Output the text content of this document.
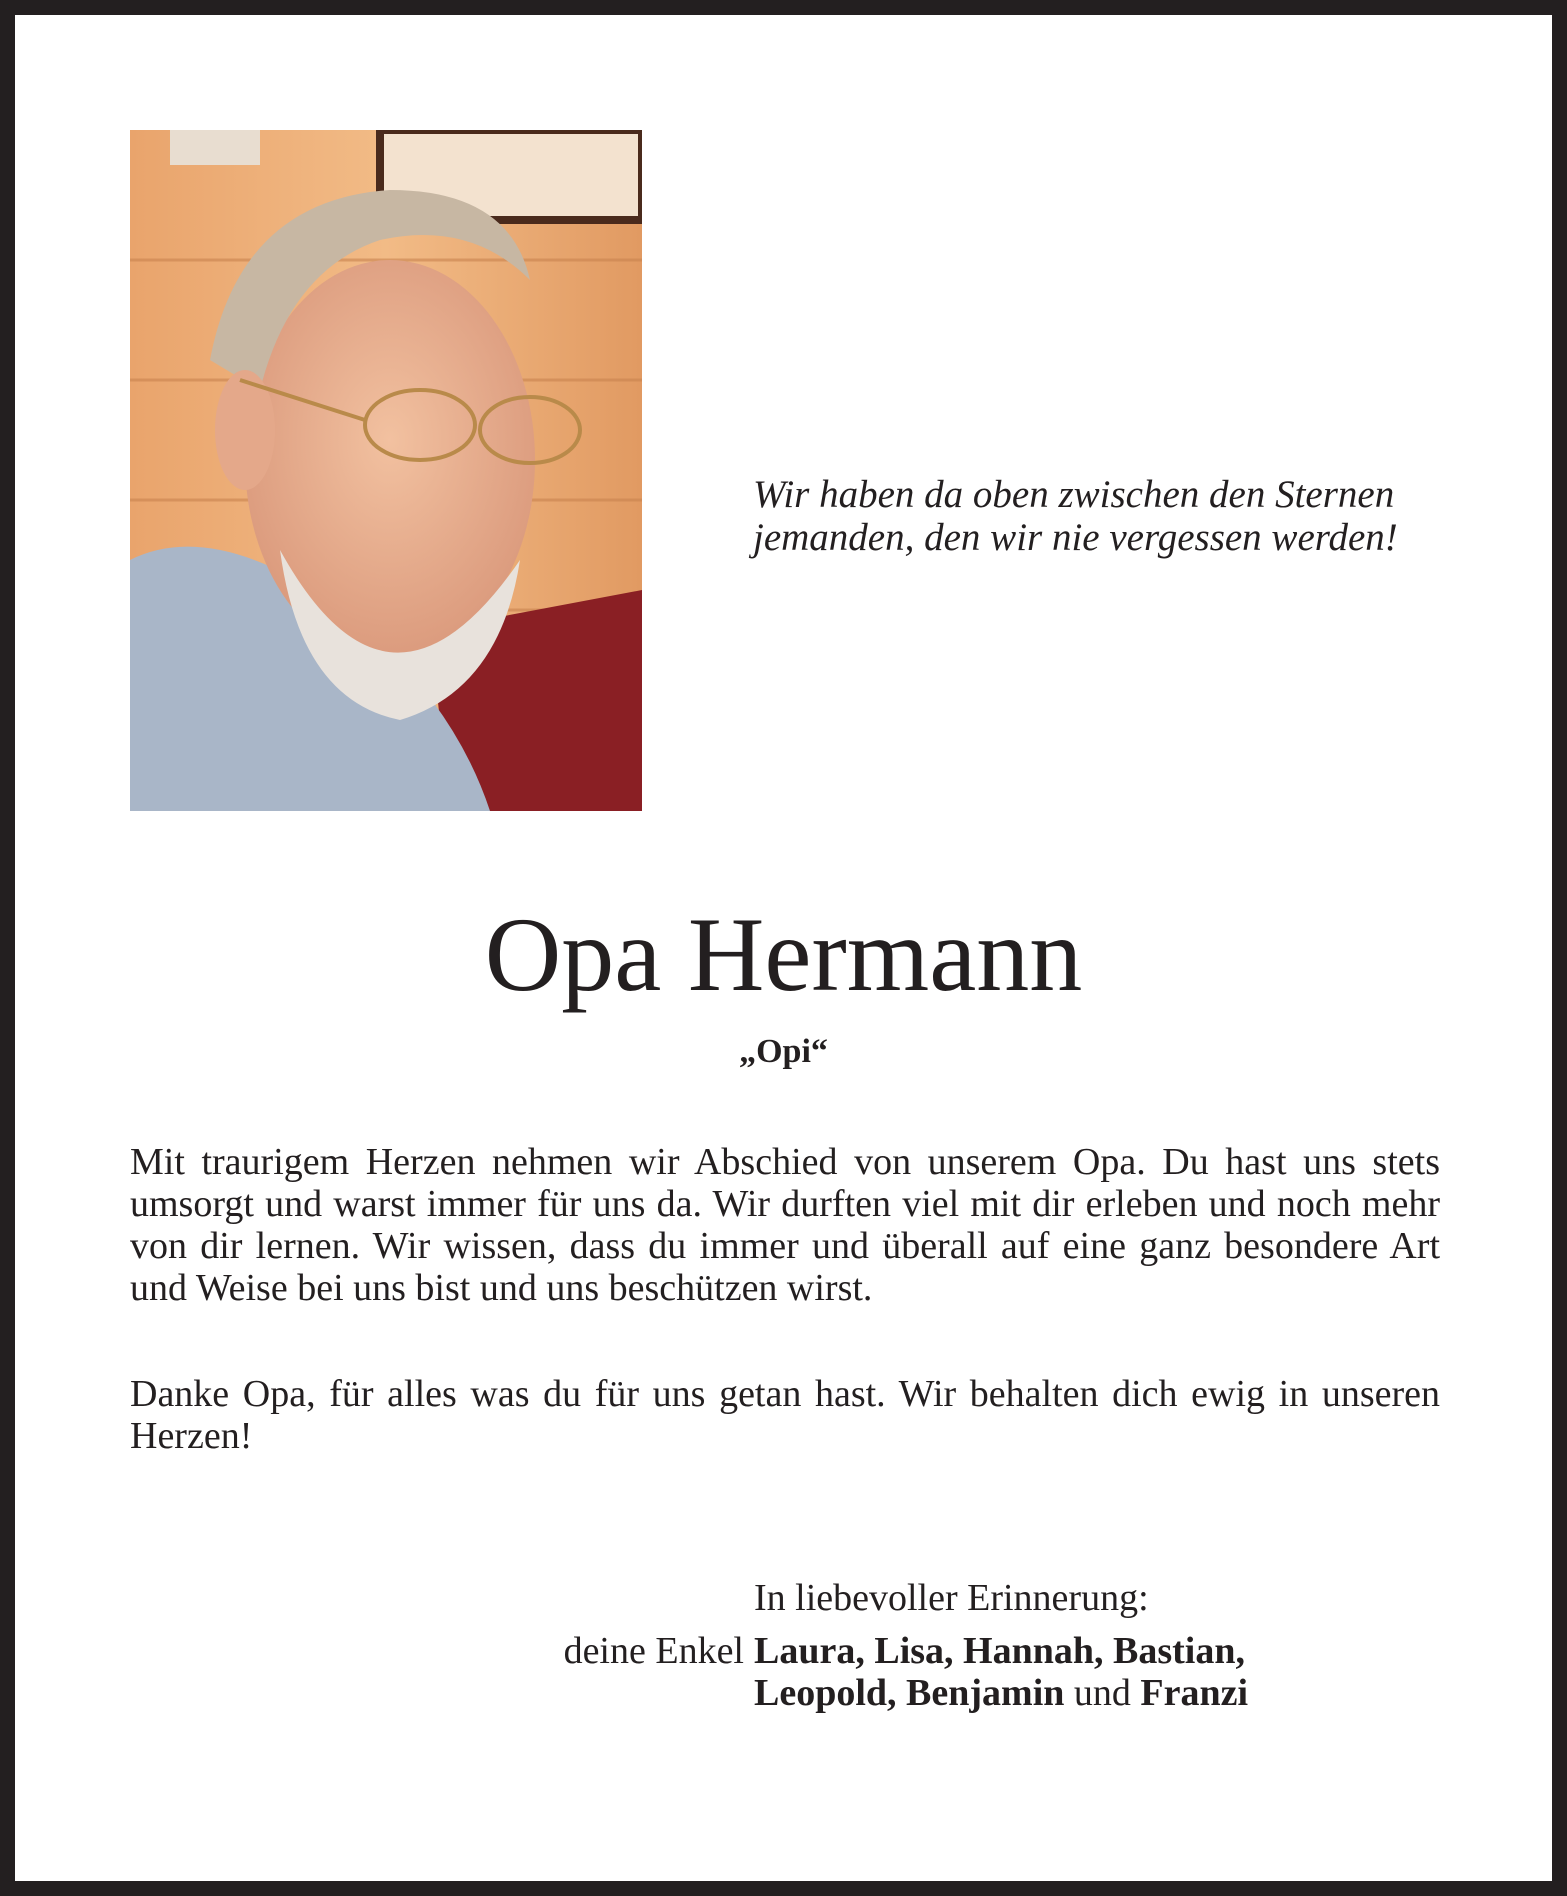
Wir haben da oben zwischen den Sternen
jemanden, den wir nie vergessen werden!
Opa Hermann
„Opi“
Mit traurigem Herzen nehmen wir Abschied von unserem Opa. Du hast uns stets umsorgt und warst immer für uns da. Wir durften viel mit dir erleben und noch mehr von dir lernen. Wir wissen, dass du immer und überall auf eine ganz besondere Art und Weise bei uns bist und uns beschützen wirst.
Danke Opa, für alles was du für uns getan hast. Wir behalten dich ewig in unseren Herzen!
In liebevoller Erinnerung:
deine Enkel Laura, Lisa, Hannah, Bastian,
Leopold, Benjamin und Franzi
